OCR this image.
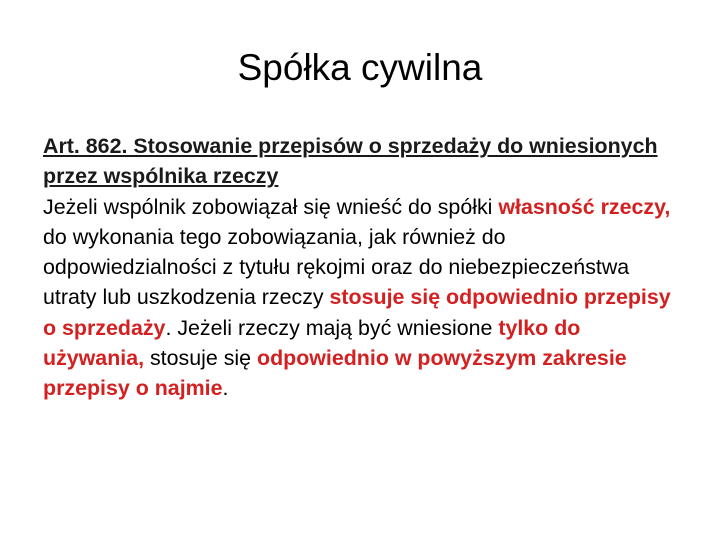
Spółka cywilna

Art. 862. Stosowanie przepisów o sprzedaży do wniesionych przez wspólnika rzeczy
Jeżeli wspólnik zobowiązał się wnieść do spółki własność rzeczy, do wykonania tego zobowiązania, jak również do odpowiedzialności z tytułu rękojmi oraz do niebezpieczeństwa utraty lub uszkodzenia rzeczy stosuje się odpowiednio przepisy o sprzedaży. Jeżeli rzeczy mają być wniesione tylko do używania, stosuje się odpowiednio w powyższym zakresie przepisy o najmie.
